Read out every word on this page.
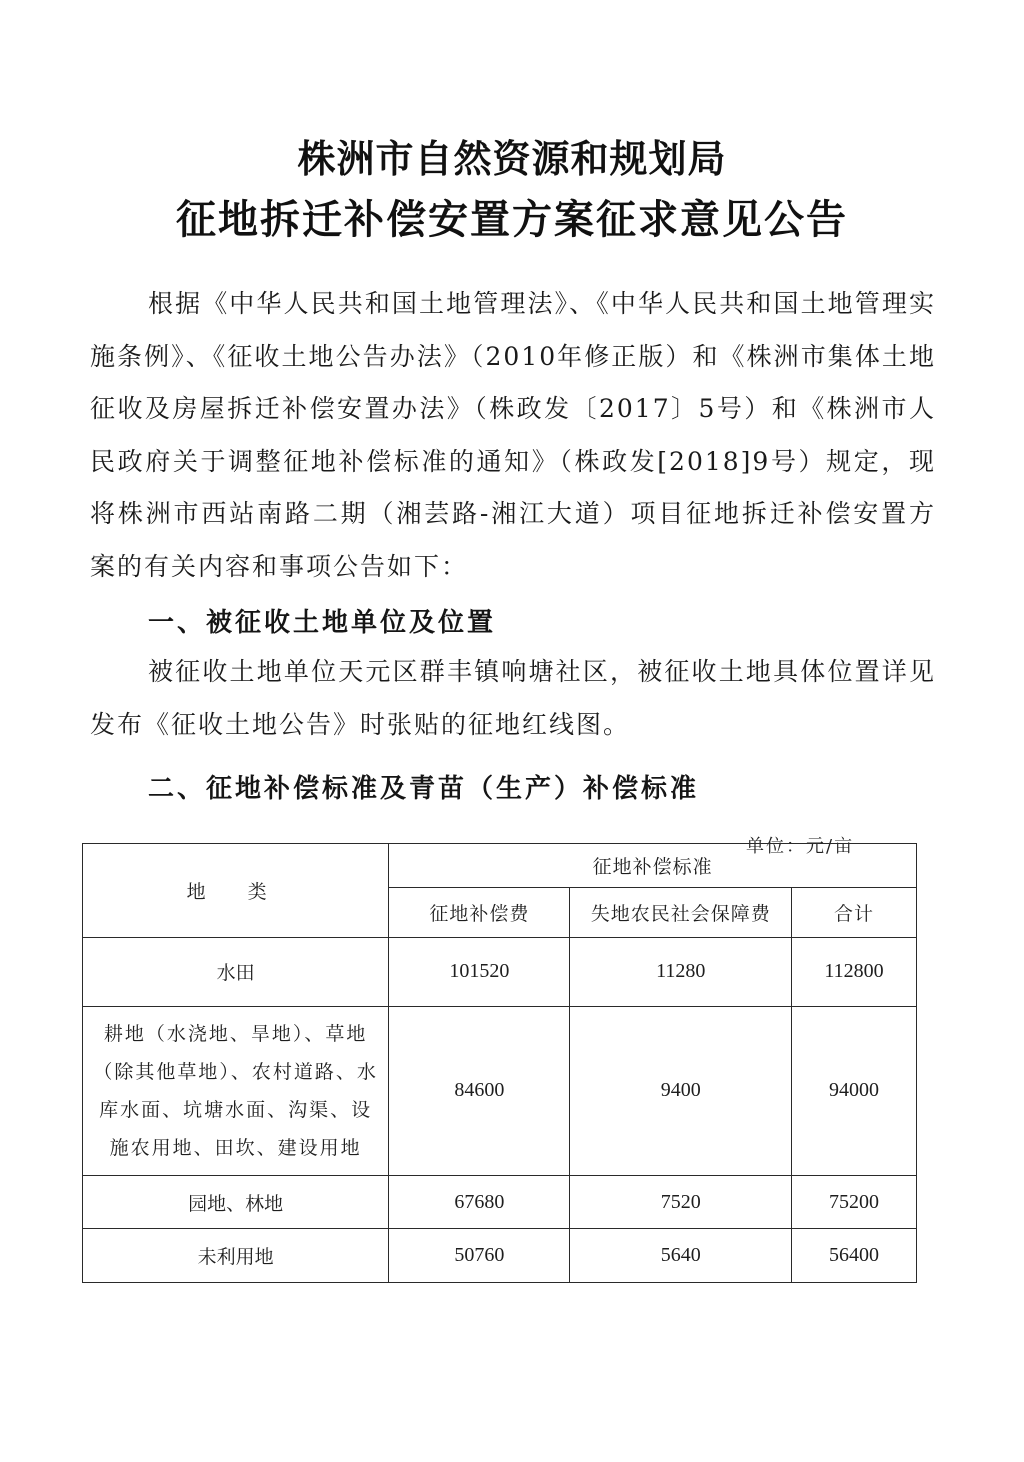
株洲市自然资源和规划局
征地拆迁补偿安置方案征求意见公告
根据《中华人民共和国土地管理法》、《中华人民共和国土地管理实施条例》、《征收土地公告办法》（2010年修正版）和《株洲市集体土地征收及房屋拆迁补偿安置办法》（株政发〔2017〕5号）和《株洲市人民政府关于调整征地补偿标准的通知》（株政发[2018]9号）规定，现将株洲市西站南路二期（湘芸路-湘江大道）项目征地拆迁补偿安置方案的有关内容和事项公告如下：
一、被征收土地单位及位置
被征收土地单位天元区群丰镇响塘社区，被征收土地具体位置详见发布《征收土地公告》时张贴的征地红线图。
二、征地补偿标准及青苗（生产）补偿标准
单位：元/亩
地 类	征地补偿标准		
	征地补偿费	失地农民社会保障费	合计
水田	101520	11280	112800
耕地（水浇地、旱地）、草地（除其他草地）、农村道路、水库水面、坑塘水面、沟渠、设施农用地、田坎、建设用地	84600	9400	94000
园地、林地	67680	7520	75200
未利用地	50760	5640	56400
